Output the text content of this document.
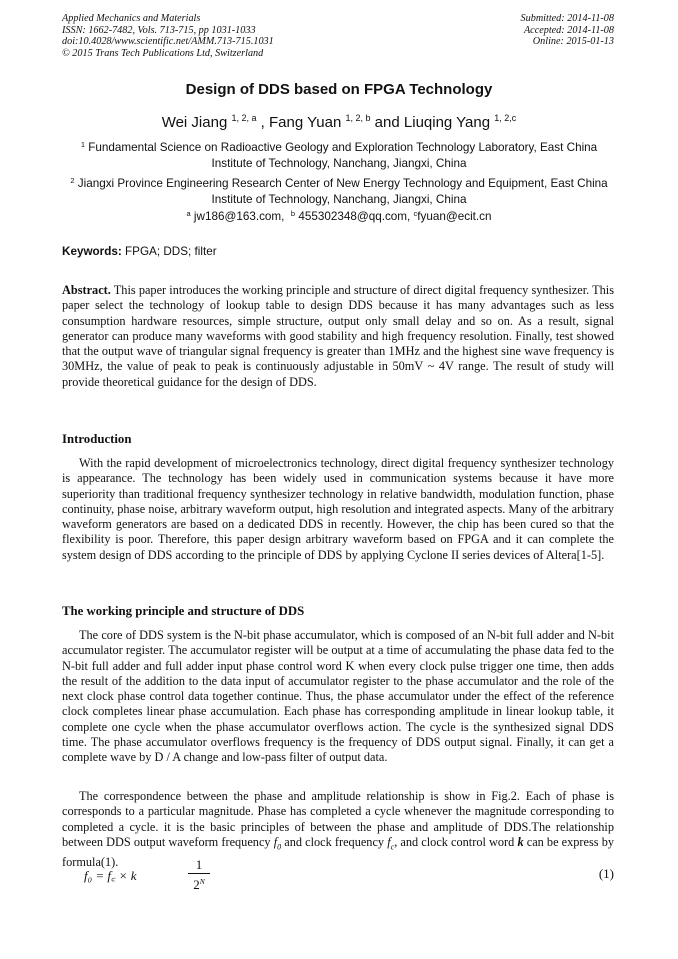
Applied Mechanics and Materials
ISSN: 1662-7482, Vols. 713-715, pp 1031-1033
doi:10.4028/www.scientific.net/AMM.713-715.1031
© 2015 Trans Tech Publications Ltd, Switzerland
Submitted: 2014-11-08
Accepted: 2014-11-08
Online: 2015-01-13
Design of DDS based on FPGA Technology
Wei Jiang $^{1, 2, a}$ , Fang Yuan $^{1, 2, b}$ and Liuqing Yang $^{1, 2,c}$
$^1$ Fundamental Science on Radioactive Geology and Exploration Technology Laboratory, East China Institute of Technology, Nanchang, Jiangxi, China
$^2$ Jiangxi Province Engineering Research Center of New Energy Technology and Equipment, East China Institute of Technology, Nanchang, Jiangxi, China
$^a$ jw186@163.com,  $^b$ 455302348@qq.com, $^c$fyuan@ecit.cn
Keywords: FPGA; DDS; filter

Abstract. This paper introduces the working principle and structure of direct digital frequency synthesizer. This paper select the technology of lookup table to design DDS because it has many advantages such as less consumption hardware resources, simple structure, output only small delay and so on. As a result, signal generator can produce many waveforms with good stability and high frequency resolution. Finally, test showed that the output wave of triangular signal frequency is greater than 1MHz and the highest sine wave frequency is 30MHz, the value of peak to peak is continuously adjustable in 50mV ~ 4V range. The result of study will provide theoretical guidance for the design of DDS.

Introduction

With the rapid development of microelectronics technology, direct digital frequency synthesizer technology is appearance. The technology has been widely used in communication systems because it have more superiority than traditional frequency synthesizer technology in relative bandwidth, modulation function, phase continuity, phase noise, arbitrary waveform output, high resolution and integrated aspects. Many of the arbitrary waveform generators are based on a dedicated DDS in recently. However, the chip has been cured so that the flexibility is poor. Therefore, this paper design arbitrary waveform based on FPGA and it can complete the system design of DDS according to the principle of DDS by applying Cyclone II series devices of Altera[1-5].

The working principle and structure of DDS

The core of DDS system is the N-bit phase accumulator, which is composed of an N-bit full adder and N-bit accumulator register. The accumulator register will be output at a time of accumulating the phase data fed to the N-bit full adder and full adder input phase control word K when every clock pulse trigger one time, then adds the result of the addition to the data input of accumulator register to the phase accumulator and the role of the next clock phase control data together continue. Thus, the phase accumulator under the effect of the reference clock completes linear phase accumulation. Each phase has corresponding amplitude in linear lookup table, it complete one cycle when the phase accumulator overflows action. The cycle is the synthesized signal DDS time. The phase accumulator overflows frequency is the frequency of DDS output signal. Finally, it can get a complete wave by D / A change and low-pass filter of output data.

The correspondence between the phase and amplitude relationship is show in Fig.2. Each of phase is corresponds to a particular magnitude. Phase has completed a cycle whenever the magnitude corresponding to completed a cycle. it is the basic principles of between the phase and amplitude of DDS.The relationship between DDS output waveform frequency $f_0$ and clock frequency $f_c$, and clock control word k can be express by formula(1).

f₀ = f꜀ × k
1
$2^N$
(1)
